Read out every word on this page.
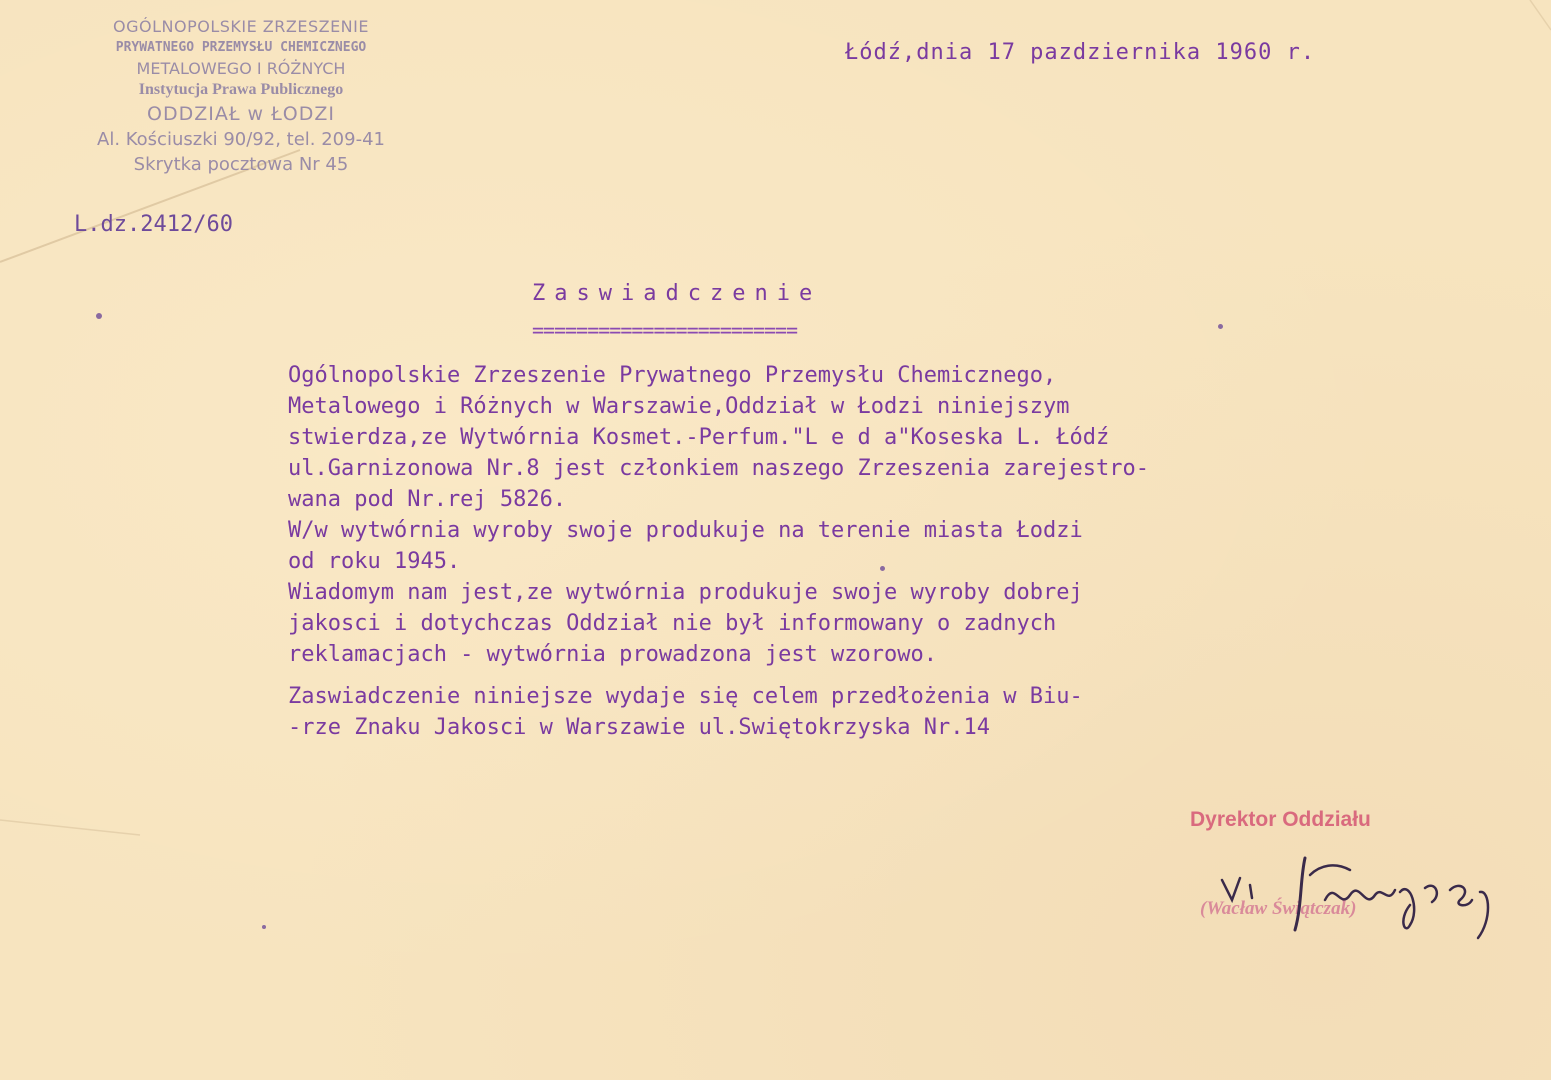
OGÓLNOPOLSKIE ZRZESZENIE
PRYWATNEGO PRZEMYSŁU CHEMICZNEGO
METALOWEGO I RÓŻNYCH
Instytucja Prawa Publicznego
ODDZIAŁ w ŁODZI
Al. Kościuszki 90/92, tel. 209-41
Skrytka pocztowa Nr 45
L.dz.2412/60
Łódź,dnia 17 pazdziernika 1960 r.
Zaswiadczenie
========================
Ogólnopolskie Zrzeszenie Prywatnego Przemysłu Chemicznego,
Metalowego i Różnych w Warszawie,Oddział w Łodzi niniejszym
stwierdza,ze Wytwórnia Kosmet.-Perfum."L e d a"Koseska L. Łódź
ul.Garnizonowa Nr.8 jest członkiem naszego Zrzeszenia zarejestro-
wana pod Nr.rej 5826.
W/w wytwórnia wyroby swoje produkuje na terenie miasta Łodzi
od roku 1945.
Wiadomym nam jest,ze wytwórnia produkuje swoje wyroby dobrej
jakosci i dotychczas Oddział nie był informowany o zadnych
reklamacjach - wytwórnia prowadzona jest wzorowo.
Zaswiadczenie niniejsze wydaje się celem przedłożenia w Biu-
-rze Znaku Jakosci w Warszawie ul.Swiętokrzyska Nr.14
Dyrektor Oddziału
(Wacław Świątczak)
